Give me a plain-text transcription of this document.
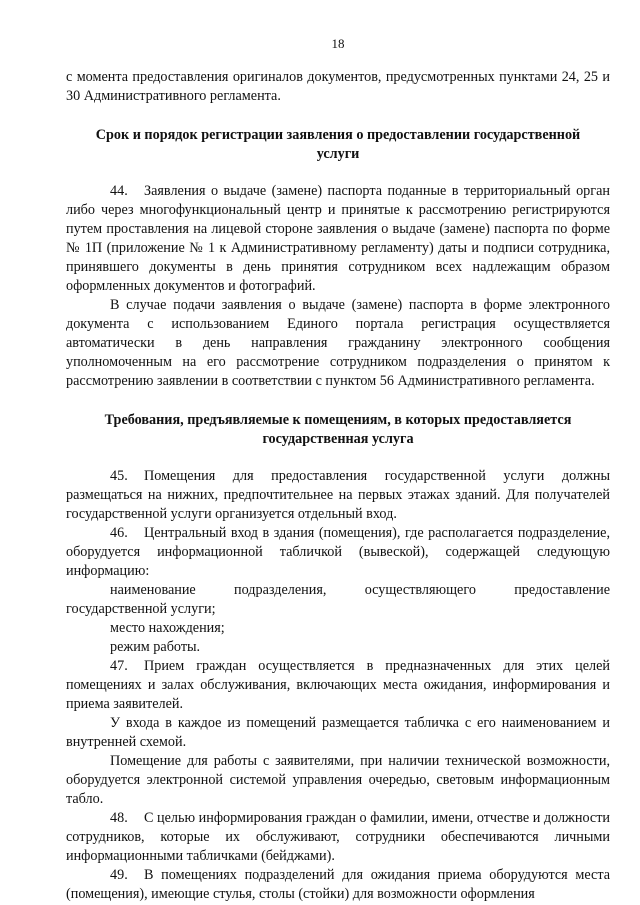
18

с момента предоставления оригиналов документов, предусмотренных пунктами 24, 25 и 30 Административного регламента.

Срок и порядок регистрации заявления о предоставлении государственной услуги

44. Заявления о выдаче (замене) паспорта поданные в территориальный орган либо через многофункциональный центр и принятые к рассмотрению регистрируются путем проставления на лицевой стороне заявления о выдаче (замене) паспорта по форме № 1П (приложение № 1 к Административному регламенту) даты и подписи сотрудника, принявшего документы в день принятия сотрудником всех надлежащим образом оформленных документов и фотографий.

В случае подачи заявления о выдаче (замене) паспорта в форме электронного документа с использованием Единого портала регистрация осуществляется автоматически в день направления гражданину электронного сообщения уполномоченным на его рассмотрение сотрудником подразделения о принятом к рассмотрению заявлении в соответствии с пунктом 56 Административного регламента.

Требования, предъявляемые к помещениям, в которых предоставляется государственная услуга

45. Помещения для предоставления государственной услуги должны размещаться на нижних, предпочтительнее на первых этажах зданий. Для получателей государственной услуги организуется отдельный вход.

46. Центральный вход в здания (помещения), где располагается подразделение, оборудуется информационной табличкой (вывеской), содержащей следующую информацию:

наименование подразделения, осуществляющего предоставление государственной услуги;

место нахождения;

режим работы.

47. Прием граждан осуществляется в предназначенных для этих целей помещениях и залах обслуживания, включающих места ожидания, информирования и приема заявителей.

У входа в каждое из помещений размещается табличка с его наименованием и внутренней схемой.

Помещение для работы с заявителями, при наличии технической возможности, оборудуется электронной системой управления очередью, световым информационным табло.

48. С целью информирования граждан о фамилии, имени, отчестве и должности сотрудников, которые их обслуживают, сотрудники обеспечиваются личными информационными табличками (бейджами).

49. В помещениях подразделений для ожидания приема оборудуются места (помещения), имеющие стулья, столы (стойки) для возможности оформления
